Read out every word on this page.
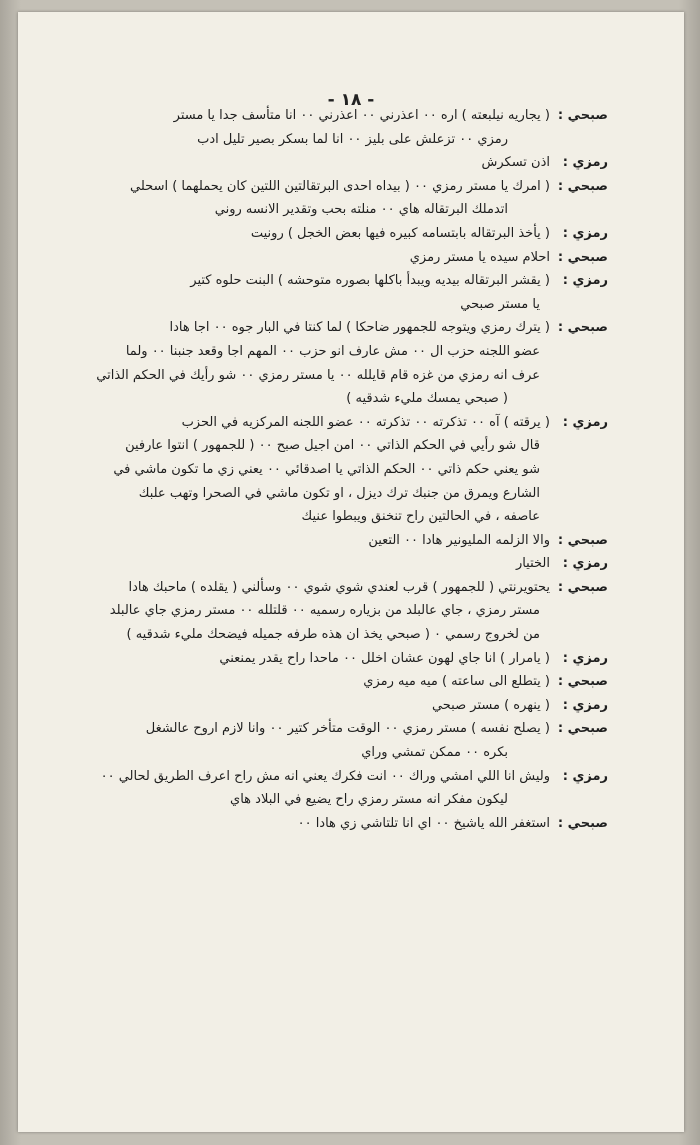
- ١٨ -
صبحي :
( يجاريه نيلبعته ) اره ٠٠ اعذرني ٠٠ اعذرني ٠٠ انا متأسف جدا يا مستر
رمزي ٠٠ تزعلش على بليز ٠٠ انا لما بسكر بصير تليل ادب
رمزي :
اذن تسكرش
صبحي :
( امرك يا مستر رمزي ٠٠ ( بيداه احدى البرتقالتين اللتين كان يحملهما ) اسحلي
اتدملك البرتقاله هاي ٠٠ منلته بحب وتقدير الانسه روني
رمزي :
( يأخذ البرتقاله بابتسامه كبيره فيها بعض الخجل ) رونيت
صبحي :
احلام سيده يا مستر رمزي
رمزي :
( يقشر البرتقاله بيديه ويبدأ باكلها بصوره متوحشه ) البنت حلوه كتير
يا مستر صبحي
صبحي :
( يترك رمزي ويتوجه للجمهور ضاحكا ) لما كنتا في البار جوه ٠٠ اجا هادا
عضو اللجنه حزب ال ٠٠ مش عارف انو حزب ٠٠ المهم اجا وقعد جنبنا ٠٠ ولما
عرف انه رمزي من غزه قام قايلله ٠٠ يا مستر رمزي ٠٠ شو رأيك في الحكم الذاتي
( صبحي يمسك مليء شدقيه )
رمزي :
( يرقته ) آه ٠٠ تذكرته ٠٠ تذكرته ٠٠ عضو اللجنه المركزيه في الحزب
قال شو رأيي في الحكم الذاتي ٠٠ امن اجيل صبح ٠٠ ( للجمهور ) انتوا عارفين
شو يعني حكم ذاتي ٠٠ الحكم الذاتي يا اصدقائي ٠٠ يعني زي ما تكون ماشي في
الشارع ويمرق من جنبك ترك ديزل ، او تكون ماشي في الصحرا وتهب علبك
عاصفه ، في الحالتين راح تنخنق ويبطوا عنيك
صبحي :
والا الزلمه المليونير هادا ٠٠ التعين
رمزي :
الختيار
صبحي :
يحتويرنتي ( للجمهور ) قرب لعندي شوي شوي ٠٠ وسألني ( يقلده ) ماحبك هادا
مستر رمزي ، جاي عالبلد من بزياره رسميه ٠٠ قلتلله ٠٠ مستر رمزي جاي عالبلد
من لخروج رسمي ٠ ( صبحي يخذ ان هذه طرفه جميله فيضحك مليء شدقيه )
رمزي :
( يامرار ) انا جاي لهون عشان اخلل ٠٠ ماحدا راح يقدر يمنعني
صبحي :
( يتطلع الى ساعته ) ميه ميه رمزي
رمزي :
( ينهره ) مستر صبحي
صبحي :
( يصلح نفسه ) مستر رمزي ٠٠ الوقت متأخر كتير ٠٠ وانا لازم اروح عالشغل
بكره ٠٠ ممكن تمشي وراي
رمزي :
وليش انا اللي امشي وراك ٠٠ انت فكرك يعني انه مش راح اعرف الطريق لحالي ٠٠
ليكون مفكر انه مستر رمزي راح يضيع في البلاد هاي
صبحي :
استغفر الله ياشيخ ٠٠ اي انا تلتاشي زي هادا ٠٠
